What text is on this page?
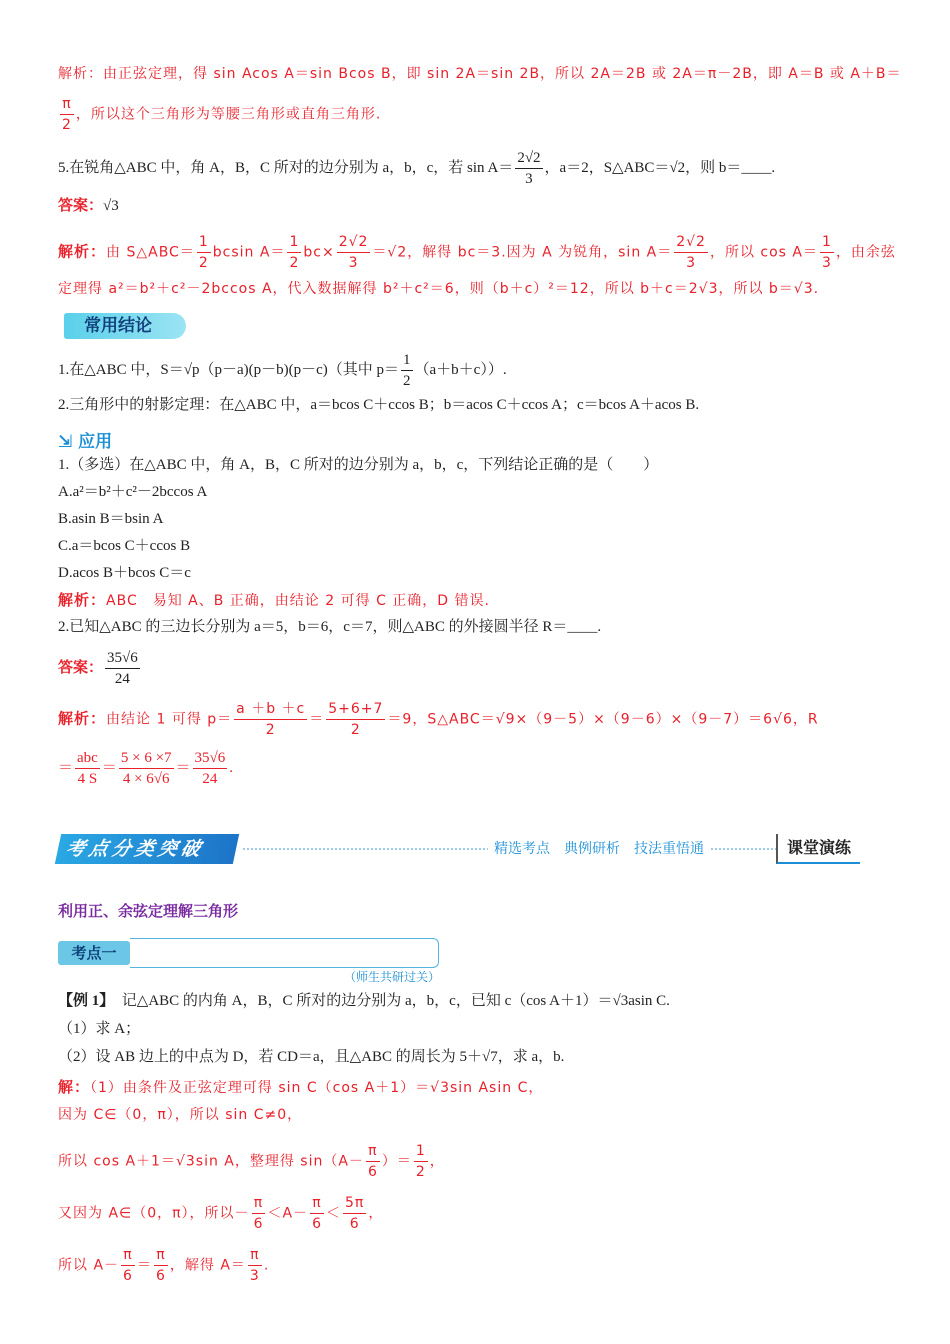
解析：由正弦定理，得 sin Acos A＝sin Bcos B，即 sin 2A＝sin 2B，所以 2A＝2B 或 2A＝π－2B，即 A＝B 或 A＋B＝
$\frac{\pi}{2}$ ，所以这个三角形为等腰三角形或直角三角形.
5.在锐角△ABC 中，角 A，B，C 所对的边分别为 a，b，c，若 $\sin A= \frac{2√2}{3}$ ，a＝2，S△ABC＝√2，则 b＝____.
答案：√3
解析：由 S△ABC＝ $\frac{1}{2}$ bcsin $A= \frac{1}{2} bc\times \frac{2√2}{3} =√2$，解得 bc＝3.因为 A 为锐角，$\sin A= \frac{2√2}{3}$ ，所以 $\cos A= \frac{1}{3}$ ，由余弦
定理得 a²＝b²＋c²－2bccos A，代入数据解得 b²＋c²＝6，则（b＋c）²＝12，所以 b＋c＝2√3，所以 b＝√3.
常用结论
1.在△ABC 中，S＝√p（p－a)(p－b)(p－c)（其中 $p= \frac{1}{2} (a+b+c)$）.
2.三角形中的射影定理：在△ABC 中，a＝bcos C＋ccos B；b＝acos C＋ccos A；c＝bcos A＋acos B.
⇲ 应用
1.（多选）在△ABC 中，角 A，B，C 所对的边分别为 a，b，c，下列结论正确的是（　　）
A.a²＝b²＋c²－2bccos A
B.asin B＝bsin A
C.a＝bcos C＋ccos B
D.acos B＋bcos C＝c
解析：ABC　易知 A、B 正确，由结论 2 可得 C 正确，D 错误.
2.已知△ABC 的三边长分别为 a＝5，b＝6，c＝7，则△ABC 的外接圆半径 R＝____.
答案： $\frac{35√6}{24}$
解析：由结论 1 可得 $p= \frac{a +b +c}{2} = \frac{5+6+7}{2} =9$，S△ABC＝√9×（9－5）×（9－6）×（9－7）＝6√6，R
＝ $\frac{\text{abc}}{4 S} = \frac{5 \times 6 \times 7}{4 \times 6√6} = \frac{35√6}{24}$ .
考点分类突破	精选考点　典例研析　技法重悟通	课堂演练
利用正、余弦定理解三角形
考点一
（师生共研过关）
【例 1】　 记△ABC 的内角 A，B，C 所对的边分别为 a，b，c，已知 c（cos A＋1）＝√3asin C.
（1）求 A；
（2）设 AB 边上的中点为 D，若 CD＝a，且△ABC 的周长为 5＋√7，求 a，b.
解：（1）由条件及正弦定理可得 sin C（cos A＋1）＝√3sin Asin C，
因为 C∈（0，π），所以 sin C≠0，
所以 cos A＋1＝√3sin A，整理得 $\sin(A- \frac{\pi}{6}$ ）＝ $\frac{1}{2}$ ，
又因为 A∈（0，π），所以－ $\frac{\pi}{6} <A- \frac{\pi}{6} < \frac{5\pi}{6}$ ，
所以 $A- \frac{\pi}{6} = \frac{\pi}{6}$ ，解得 $A= \frac{\pi}{3}$ .
